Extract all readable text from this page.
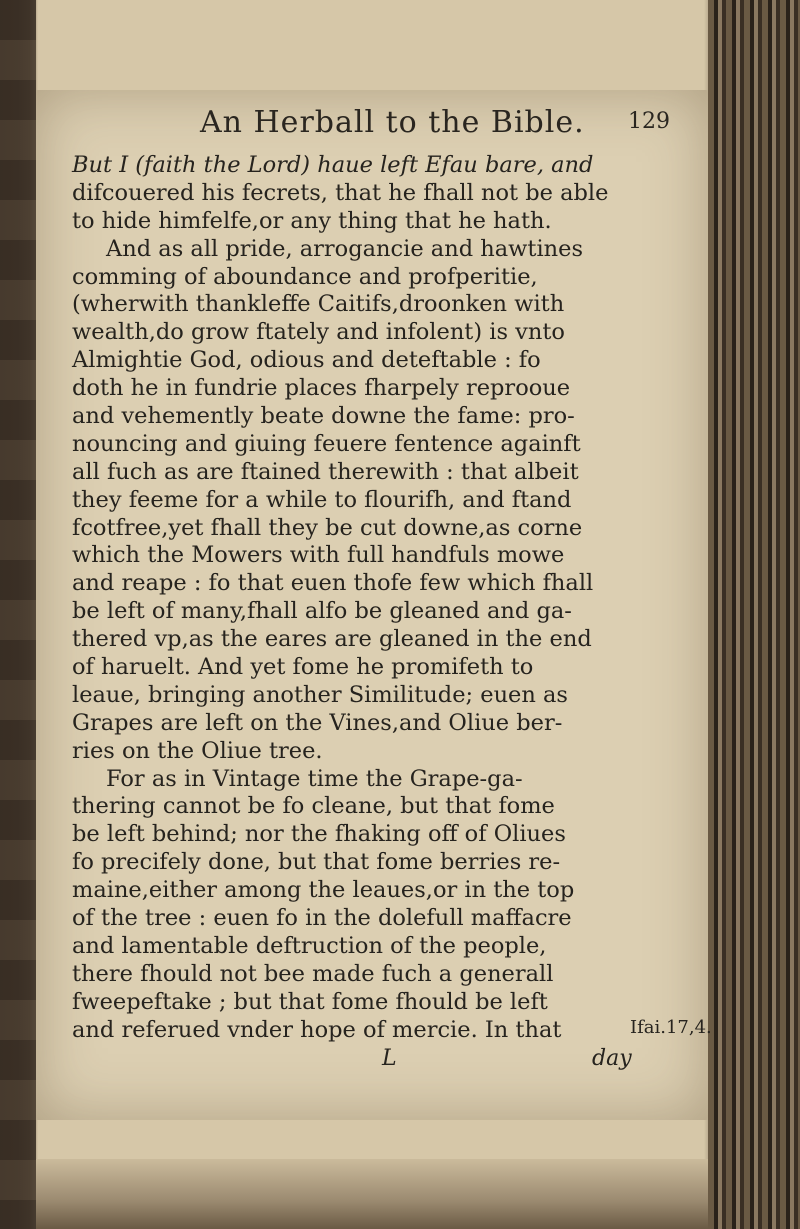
An Herball to the Bible. 129
But I (faith the Lord) haue left Efau bare, and
difcouered his fecrets, that he fhall not be able
to hide himfelfe,or any thing that he hath.
And as all pride, arrogancie and hawtines
comming of aboundance and profperitie,
(wherwith thankleffe Caitifs,droonken with
wealth,do grow ftately and infolent) is vnto
Almightie God, odious and deteftable : fo
doth he in fundrie places fharpely reprooue
and vehemently beate downe the fame: pro-
nouncing and giuing feuere fentence againft
all fuch as are ftained therewith : that albeit
they feeme for a while to flourifh, and ftand
fcotfree,yet fhall they be cut downe,as corne
which the Mowers with full handfuls mowe
and reape : fo that euen thofe few which fhall
be left of many,fhall alfo be gleaned and ga-
thered vp,as the eares are gleaned in the end
of haruelt. And yet fome he promifeth to
leaue, bringing another Similitude; euen as
Grapes are left on the Vines,and Oliue ber-
ries on the Oliue tree.
For as in Vintage time the Grape-ga-
thering cannot be fo cleane, but that fome
be left behind; nor the fhaking off of Oliues
fo precifely done, but that fome berries re-
maine,either among the leaues,or in the top
of the tree : euen fo in the dolefull maffacre
and lamentable deftruction of the people,
there fhould not bee made fuch a generall
fweepeftake ; but that fome fhould be left
and referued vnder hope of mercie. In that	Ifai.17,4.
L	day
